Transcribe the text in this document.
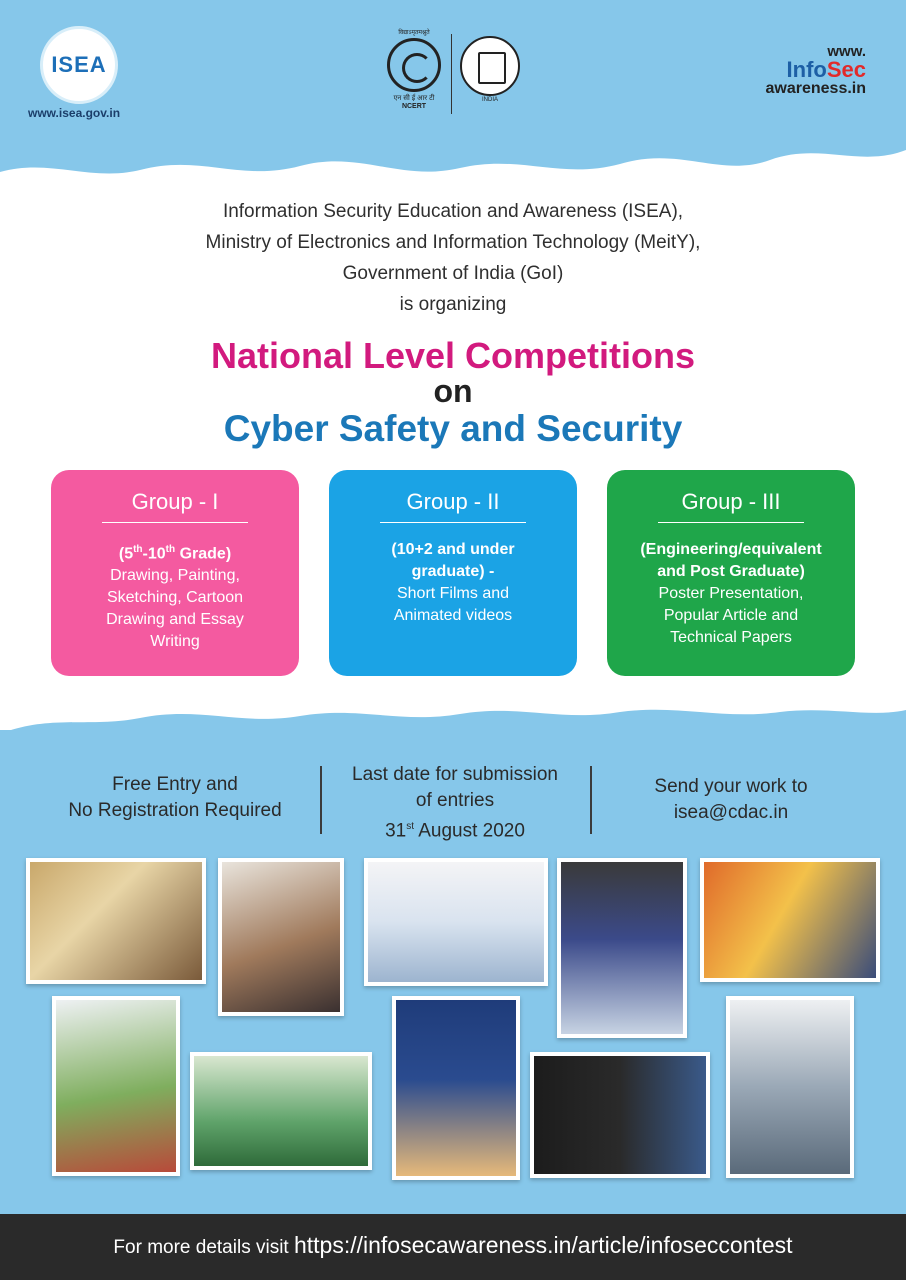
ISEA
www.isea.gov.in
विद्याऽमृतमश्नुते
एन सी ई आर टी
NCERT
INDIA
www.
InfoSec
awareness.in
Information Security Education and Awareness (ISEA),
Ministry of Electronics and Information Technology (MeitY),
Government of India (GoI)
is organizing
National Level Competitions
on
Cyber Safety and Security
Group - I
(5th-10th Grade)
Drawing, Painting,
Sketching, Cartoon
Drawing and Essay
Writing
Group - II
(10+2 and under
graduate) -
Short Films and
Animated videos
Group - III
(Engineering/equivalent
and Post Graduate)
Poster Presentation,
Popular Article and
Technical Papers
Free Entry and
No Registration Required
Last date for submission
of entries
31st August 2020
Send your work to
isea@cdac.in
For more details visit https://infosecawareness.in/article/infoseccontest
